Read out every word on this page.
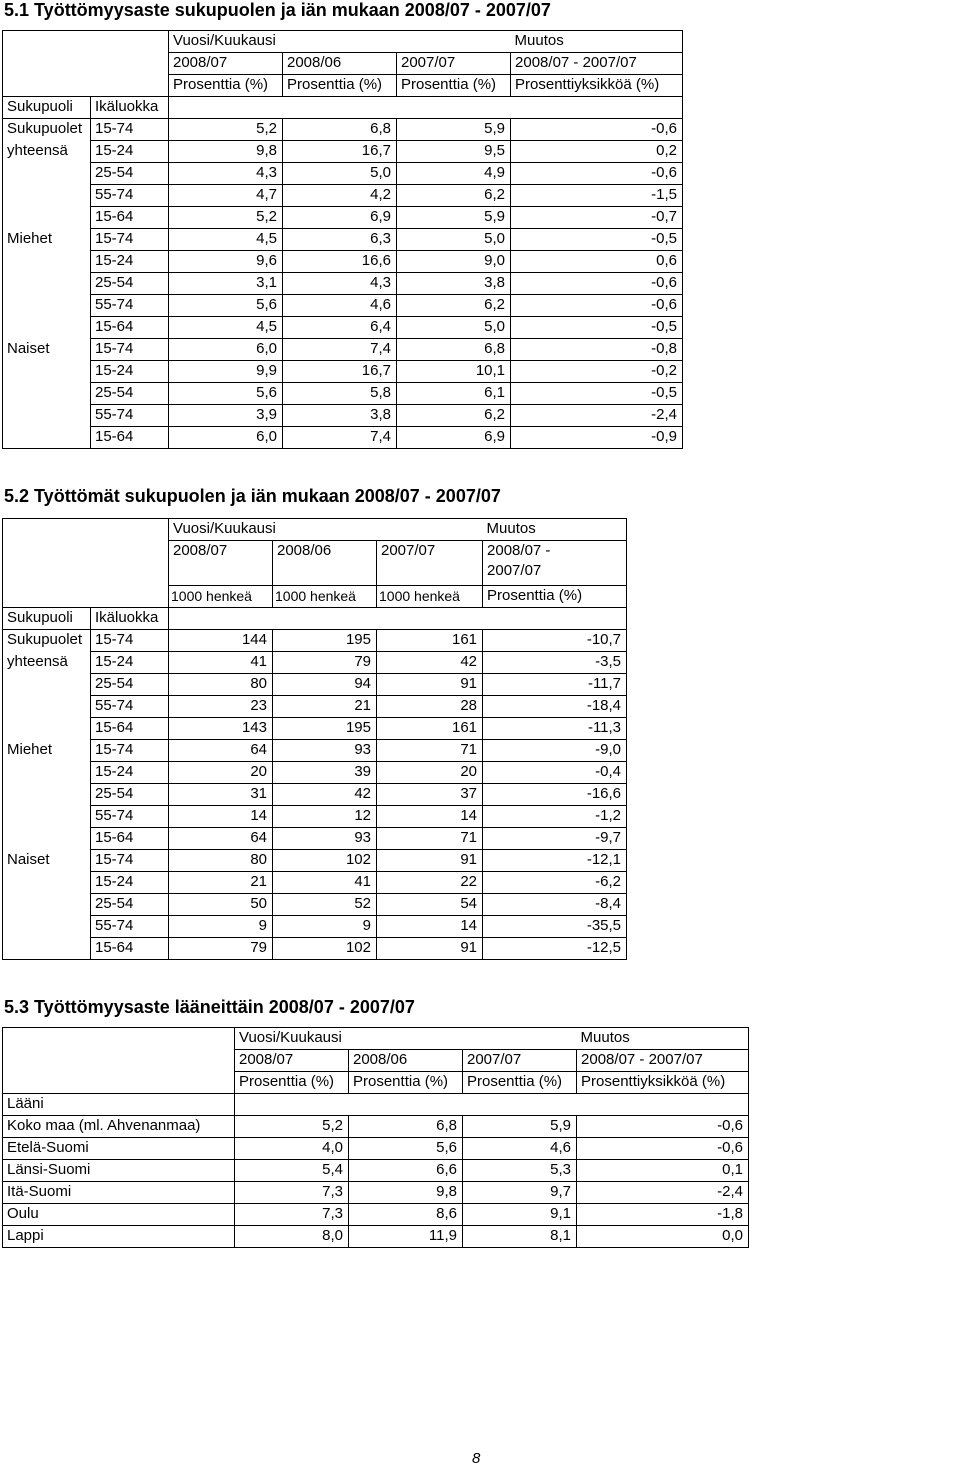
5.1 Työttömyysaste sukupuolen ja iän mukaan 2008/07 - 2007/07
		Vuosi/Kuukausi			Muutos
		2008/07	2008/06	2007/07	2008/07 - 2007/07
		Prosenttia (%)	Prosenttia (%)	Prosenttia (%)	Prosenttiyksikköä (%)
Sukupuoli	Ikäluokka				
Sukupuolet	15-74	5,2	6,8	5,9	-0,6
yhteensä	15-24	9,8	16,7	9,5	0,2
	25-54	4,3	5,0	4,9	-0,6
	55-74	4,7	4,2	6,2	-1,5
	15-64	5,2	6,9	5,9	-0,7
Miehet	15-74	4,5	6,3	5,0	-0,5
	15-24	9,6	16,6	9,0	0,6
	25-54	3,1	4,3	3,8	-0,6
	55-74	5,6	4,6	6,2	-0,6
	15-64	4,5	6,4	5,0	-0,5
Naiset	15-74	6,0	7,4	6,8	-0,8
	15-24	9,9	16,7	10,1	-0,2
	25-54	5,6	5,8	6,1	-0,5
	55-74	3,9	3,8	6,2	-2,4
	15-64	6,0	7,4	6,9	-0,9
5.2 Työttömät sukupuolen ja iän mukaan 2008/07 - 2007/07
		Vuosi/Kuukausi			Muutos
		2008/07	2008/06	2007/07	2008/07 - 2007/07
		1000 henkeä	1000 henkeä	1000 henkeä	Prosenttia (%)
Sukupuoli	Ikäluokka				
Sukupuolet	15-74	144	195	161	-10,7
yhteensä	15-24	41	79	42	-3,5
	25-54	80	94	91	-11,7
	55-74	23	21	28	-18,4
	15-64	143	195	161	-11,3
Miehet	15-74	64	93	71	-9,0
	15-24	20	39	20	-0,4
	25-54	31	42	37	-16,6
	55-74	14	12	14	-1,2
	15-64	64	93	71	-9,7
Naiset	15-74	80	102	91	-12,1
	15-24	21	41	22	-6,2
	25-54	50	52	54	-8,4
	55-74	9	9	14	-35,5
	15-64	79	102	91	-12,5
5.3 Työttömyysaste lääneittäin 2008/07 - 2007/07
	Vuosi/Kuukausi			Muutos
	2008/07	2008/06	2007/07	2008/07 - 2007/07
	Prosenttia (%)	Prosenttia (%)	Prosenttia (%)	Prosenttiyksikköä (%)
Lääni				
Koko maa (ml. Ahvenanmaa)	5,2	6,8	5,9	-0,6
Etelä-Suomi	4,0	5,6	4,6	-0,6
Länsi-Suomi	5,4	6,6	5,3	0,1
Itä-Suomi	7,3	9,8	9,7	-2,4
Oulu	7,3	8,6	9,1	-1,8
Lappi	8,0	11,9	8,1	0,0
8
